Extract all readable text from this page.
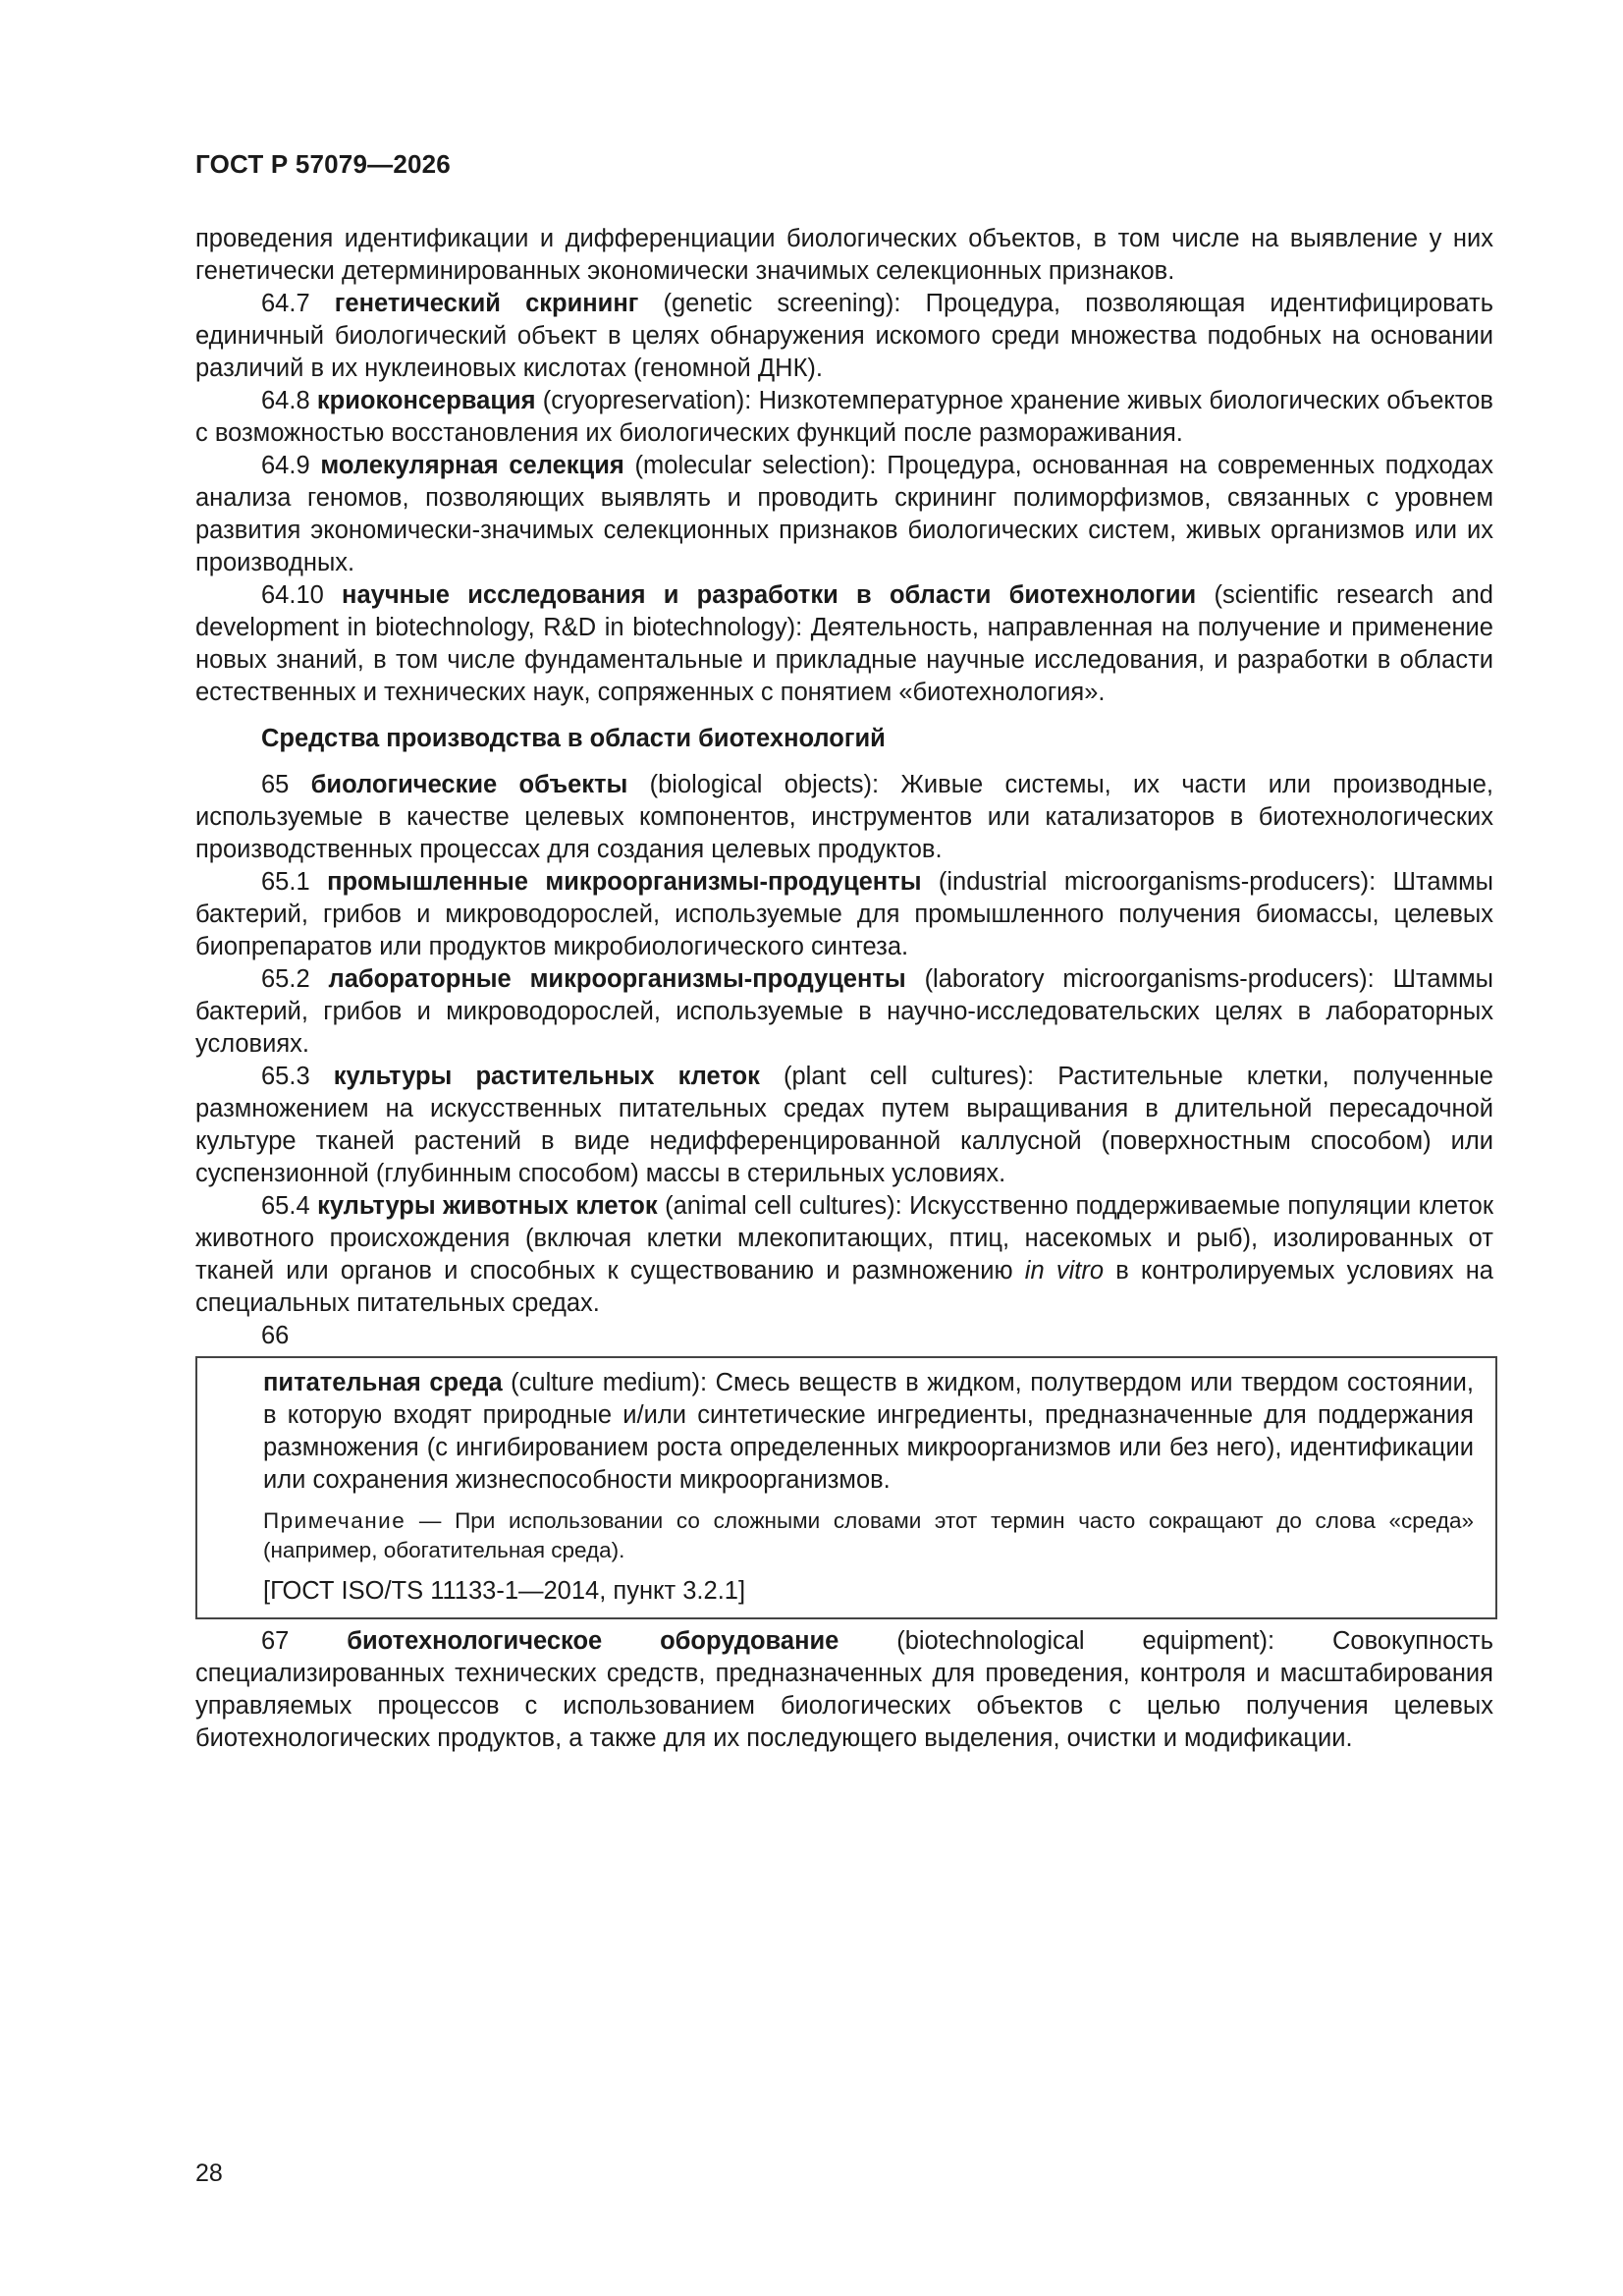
ГОСТ Р 57079—2026

проведения идентификации и дифференциации биологических объектов, в том числе на выявление у них генетически детерминированных экономически значимых селекционных признаков.

64.7 генетический скрининг (genetic screening): Процедура, позволяющая идентифицировать единичный биологический объект в целях обнаружения искомого среди множества подобных на основании различий в их нуклеиновых кислотах (геномной ДНК).

64.8 криоконсервация (cryopreservation): Низкотемпературное хранение живых биологических объектов с возможностью восстановления их биологических функций после размораживания.

64.9 молекулярная селекция (molecular selection): Процедура, основанная на современных подходах анализа геномов, позволяющих выявлять и проводить скрининг полиморфизмов, связанных с уровнем развития экономически-значимых селекционных признаков биологических систем, живых организмов или их производных.

64.10 научные исследования и разработки в области биотехнологии (scientific research and development in biotechnology, R&D in biotechnology): Деятельность, направленная на получение и применение новых знаний, в том числе фундаментальные и прикладные научные исследования, и разработки в области естественных и технических наук, сопряженных с понятием «биотехнология».

Средства производства в области биотехнологий

65 биологические объекты (biological objects): Живые системы, их части или производные, используемые в качестве целевых компонентов, инструментов или катализаторов в биотехнологических производственных процессах для создания целевых продуктов.

65.1 промышленные микроорганизмы-продуценты (industrial microorganisms-producers): Штаммы бактерий, грибов и микроводорослей, используемые для промышленного получения биомассы, целевых биопрепаратов или продуктов микробиологического синтеза.

65.2 лабораторные микроорганизмы-продуценты (laboratory microorganisms-producers): Штаммы бактерий, грибов и микроводорослей, используемые в научно-исследовательских целях в лабораторных условиях.

65.3 культуры растительных клеток (plant cell cultures): Растительные клетки, полученные размножением на искусственных питательных средах путем выращивания в длительной пересадочной культуре тканей растений в виде недифференцированной каллусной (поверхностным способом) или суспензионной (глубинным способом) массы в стерильных условиях.

65.4 культуры животных клеток (animal cell cultures): Искусственно поддерживаемые популяции клеток животного происхождения (включая клетки млекопитающих, птиц, насекомых и рыб), изолированных от тканей или органов и способных к существованию и размножению in vitro в контролируемых условиях на специальных питательных средах.

66

питательная среда (culture medium): Смесь веществ в жидком, полутвердом или твердом состоянии, в которую входят природные и/или синтетические ингредиенты, предназначенные для поддержания размножения (с ингибированием роста определенных микроорганизмов или без него), идентификации или сохранения жизнеспособности микроорганизмов.

Примечание — При использовании со сложными словами этот термин часто сокращают до слова «среда» (например, обогатительная среда).

[ГОСТ ISO/TS 11133-1—2014, пункт 3.2.1]

67 биотехнологическое оборудование (biotechnological equipment): Совокупность специализированных технических средств, предназначенных для проведения, контроля и масштабирования управляемых процессов с использованием биологических объектов с целью получения целевых биотехнологических продуктов, а также для их последующего выделения, очистки и модификации.

28
